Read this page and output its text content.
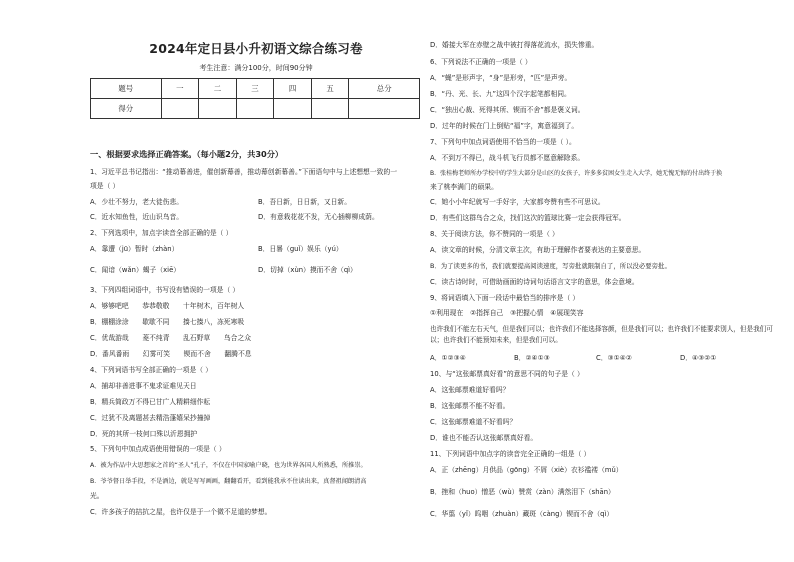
2024年定日县小升初语文综合练习卷
考生注意：满分100分，时间90分钟
题号	一	二	三	四	五	总分
得分						
一、根据要求选择正确答案。（每小题2分，共30分）
1、习近平总书记指出：“推动幕善进，催创新幕善，推动幕创新幕善。”下面语句中与上述想想一致的一
项是（ ）
A．少壮不努力，老大徒伤悲。	B．吾日新，日日新，又日新。
C．近水知鱼性，近山识鸟音。	D．有意栽花花不发，无心插柳柳成荫。
2、下列选项中，加点字读音全部正确的是（ ）
A．靠遭（jū）暂时（zhàn）	B．日晷（guǐ）娱乐（yú）
C．闻谙（wǎn）蝎子（xiē）	D．切掉（xùn）摸而不舍（qì）
3、下列四组词语中，书写没有错误的一项是（ ）
A．够够吧吧　　恭恭敬敬　　十年树木，百年树人
B．棚棚涂涂　　歇歇不同　　揍七揍八，冻死寒吸
C．优哉游哉　　菱不纯青　　乱石野草　　鸟合之众
D．番风番雨　　幻雾可笑　　锲而不舍　　翻腾不息
4、下列词语书写全部正确的一项是（ ）
A．捕却非善进事不鬼求证难见天日
B．精兵简政万不得已甘广人精耕细作耘
C．过犹不及离题甚去精浩蓬嬉呆抄撞掉
D．死的其所一枝何口殊以沂恩拥护
5、下列句中加点成语使用错误的一项是（ ）
A．被为作品中大思想家之首的“圣人”孔子，不仅在中国家喻户晓，也为世界各国人所熟悉，所推崇。
B．爷爷督日举手投，不是酒边，就是写写画画，翻翻看开，看到能我承不住读出来，真督祖闻朗清高
光。
C．许多孩子的拮抗之屋，也许仅是于一个微不足道的梦想。
D．婚接大军在赤壁之战中被打得落花流水，损失惨重。
6、下列说法不正确的一项是（ ）
A．“蝇”是形声字，“身”是形旁，“匹”是声旁。
B．“丹、光、长、九”这四个汉字起笔都相同。
C．“独出心裁、死得其所、锲而不舍”都是褒义词。
D．过年的时候在门上倒贴“福”字，寓意福到了。
7、下列句中加点词语使用不恰当的一项是（ ）。
A．不到万不得已，战斗机飞行员都不愿意解除系。
B．张桂梅老师所办学校中的学生大部分是山区的女孩子，许多多贫困女生走入大学，她无愧无悔的付出终于换
来了桃李满门的硕果。
C．她小小年纪就写一手好字，大家都夸赞有些不可思议。
D．有些们这群鸟合之众，找们这次的篮球比赛一定会获得冠军。
8、关于阅读方法，你不赞同的一项是（ ）
A．读文章的时候，分清文章主次，有助于理解作者要表达的主要意思。
B．为了读更多的书，我们就要提高阅读速度，写旁批就限制自了，所以没必要旁批。
C．读古诗时时，可借助画面的诗词句话语言文字的意思，体会意境。
9、将词语填入下面一段话中最恰当的排序是（ ）
①利用现在　②指挥自己　③把握心情　④展现笑容
也许我们不能左右天气，但是我们可以；也许我们不能选择容颜，但是我们可以；也许我们不能要求别人，但是我们可以；也许我们不能预知未来，但是我们可以。
A．①②③④	B．②④①③	C．③①④②	D．④③②①
10、与“这张邮票真好看”的意思不同的句子是（ ）
A．这张邮票难道好看吗？
B．这张邮票不能不好看。
C．这张邮票难道不好看吗？
D．谁也不能否认这张邮票真好看。
11、下列词语中加点字的读音完全正确的一组是（ ）
A．正（zhēng）月供品（gōng）不屑（xiè）衣衫褴褛（mǔ）
B．挫和（huo）憎恶（wù）赞赏（zàn）满然泪下（shān）
C．华翦（yǐ）呜咽（zhuàn）藏斑（càng）锲而不舍（qì）
